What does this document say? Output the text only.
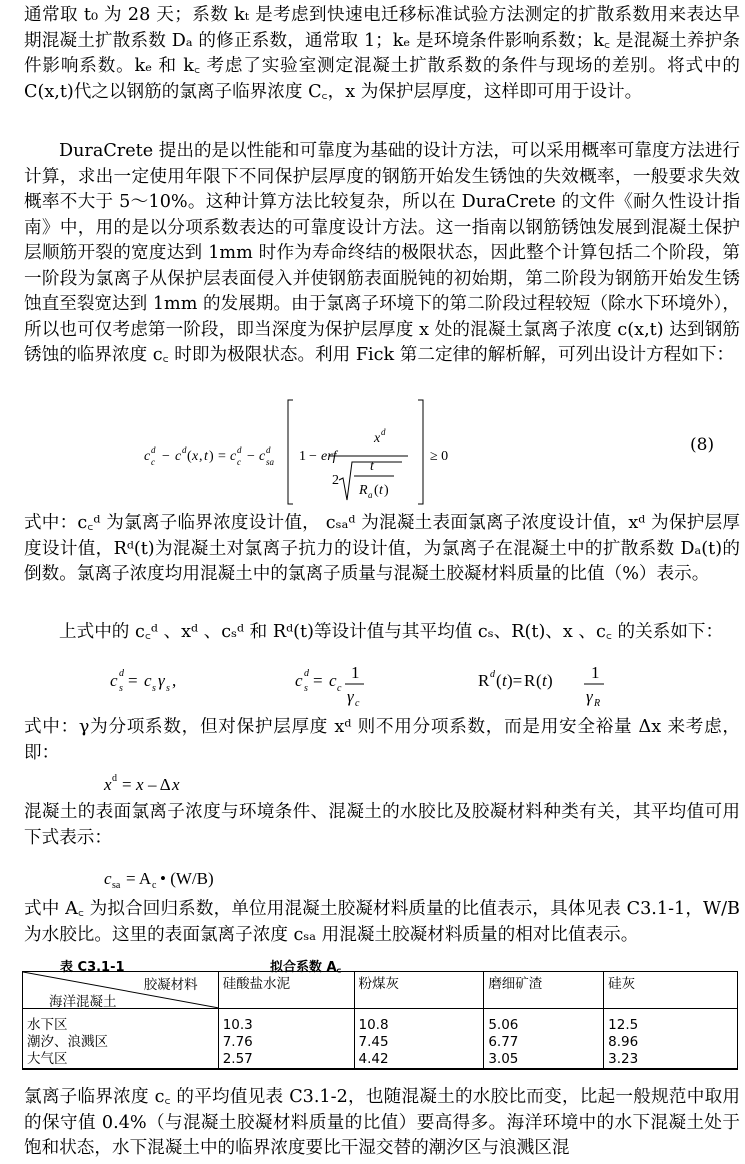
通常取 t₀ 为 28 天；系数 kₜ 是考虑到快速电迁移标准试验方法测定的扩散系数用来表达早期混凝土扩散系数 Dₐ 的修正系数，通常取 1；kₑ 是环境条件影响系数；k꜀ 是混凝土养护条件影响系数。kₑ 和 k꜀ 考虑了实验室测定混凝土扩散系数的条件与现场的差别。将式中的 C(x,t)代之以钢筋的氯离子临界浓度 C꜀，x 为保护层厚度，这样即可用于设计。

DuraCrete 提出的是以性能和可靠度为基础的设计方法，可以采用概率可靠度方法进行计算，求出一定使用年限下不同保护层厚度的钢筋开始发生锈蚀的失效概率，一般要求失效概率不大于 5～10%。这种计算方法比较复杂，所以在 DuraCrete 的文件《耐久性设计指南》中，用的是以分项系数表达的可靠度设计方法。这一指南以钢筋锈蚀发展到混凝土保护层顺筋开裂的宽度达到 1mm 时作为寿命终结的极限状态，因此整个计算包括二个阶段，第一阶段为氯离子从保护层表面侵入并使钢筋表面脱钝的初始期，第二阶段为钢筋开始发生锈蚀直至裂宽达到 1mm 的发展期。由于氯离子环境下的第二阶段过程较短（除水下环境外），所以也可仅考虑第一阶段，即当深度为保护层厚度 x 处的混凝土氯离子浓度 c(x,t) 达到钢筋锈蚀的临界浓度 c꜀ 时即为极限状态。利用 Fick 第二定律的解析解，可列出设计方程如下：

c d
c − c d ( x , t ) = c d
c − c d
sa 1 − erf
x d
2
t
R a ( t )
≥ 0
(8)

式中：c꜀ᵈ 为氯离子临界浓度设计值， cₛₐᵈ 为混凝土表面氯离子浓度设计值，xᵈ 为保护层厚度设计值，Rᵈ(t)为混凝土对氯离子抗力的设计值，为氯离子在混凝土中的扩散系数 Dₐ(t)的倒数。氯离子浓度均用混凝土中的氯离子质量与混凝土胶凝材料质量的比值（%）表示。

上式中的 c꜀ᵈ 、xᵈ 、cₛᵈ 和 Rᵈ(t)等设计值与其平均值 cₛ、R(t)、x 、c꜀ 的关系如下：

c d
s = c s γ s ,	c d
s = c c
1
γ c
R d ( t )= R ( t ) 1
γ R

式中：γ为分项系数，但对保护层厚度 xᵈ 则不用分项系数，而是用安全裕量 Δx 来考虑，即：

x d = x – Δ x

混凝土的表面氯离子浓度与环境条件、混凝土的水胶比及胶凝材料种类有关，其平均值可用下式表示：

c sa = A c • (W/B)

式中 A꜀ 为拟合回归系数，单位用混凝土胶凝材料质量的比值表示，具体见表 C3.1-1，W/B 为水胶比。这里的表面氯离子浓度 cₛₐ 用混凝土胶凝材料质量的相对比值表示。

表 C3.1-1	拟合系数 A꜀
胶凝材料
海洋混凝土	硅酸盐水泥	粉煤灰	磨细矿渣	硅灰

水下区	10.3	10.8	5.06	12.5
潮汐、浪溅区	7.76	7.45	6.77	8.96
大气区	2.57	4.42	3.05	3.23

氯离子临界浓度 c꜀ 的平均值见表 C3.1-2，也随混凝土的水胶比而变，比起一般规范中取用的保守值 0.4%（与混凝土胶凝材料质量的比值）要高得多。海洋环境中的水下混凝土处于饱和状态，水下混凝土中的临界浓度要比干湿交替的潮汐区与浪溅区混
